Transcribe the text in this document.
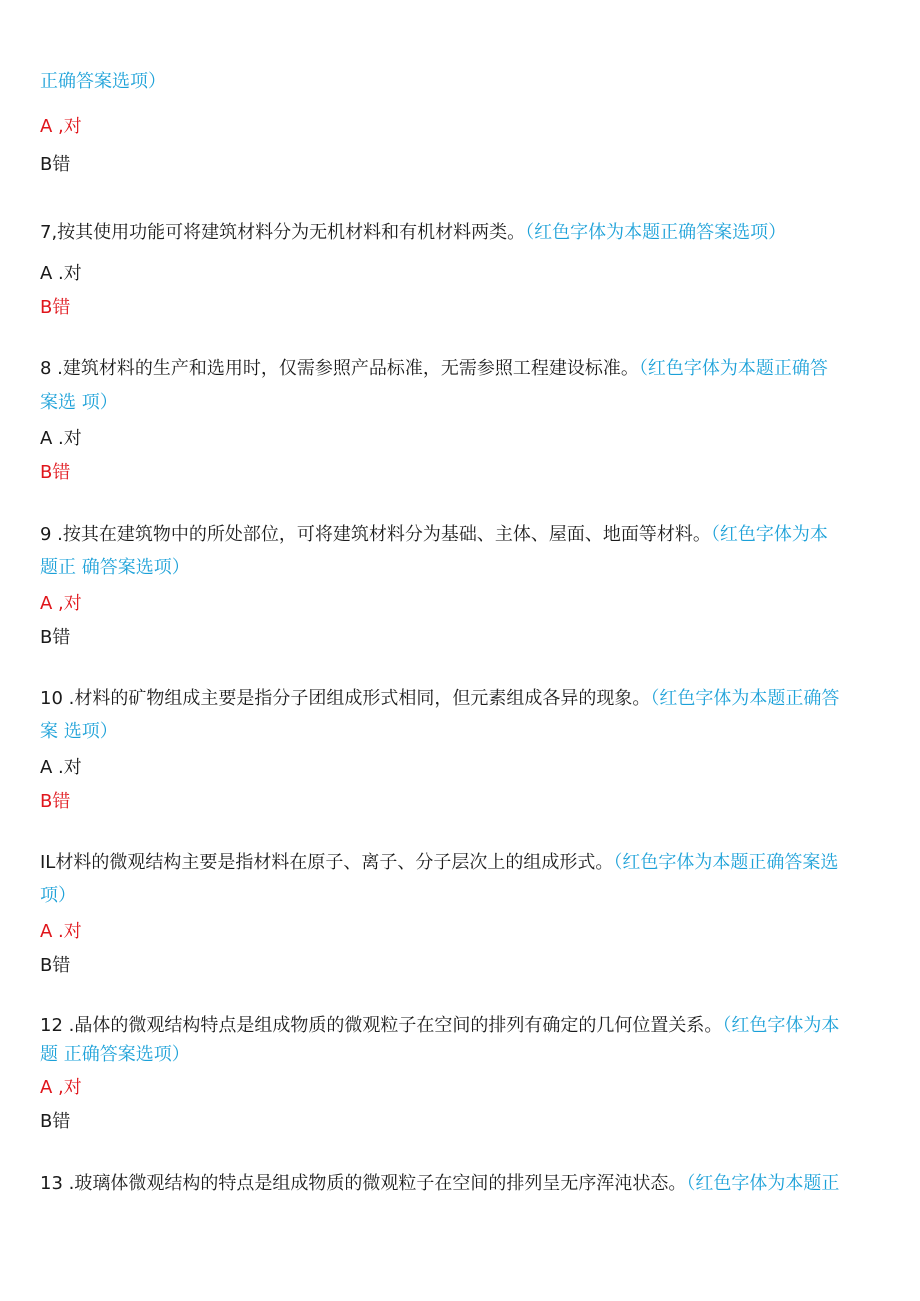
正确答案选项）
A ,对
B错
7,按其使用功能可将建筑材料分为无机材料和有机材料两类。（红色字体为本题正确答案选项）
A .对
B错
8 .建筑材料的生产和选用时，仅需参照产品标准，无需参照工程建设标准。（红色字体为本题正确答
案选 项）
A .对
B错
9 .按其在建筑物中的所处部位，可将建筑材料分为基础、主体、屋面、地面等材料。（红色字体为本
题正 确答案选项）
A ,对
B错
10 .材料的矿物组成主要是指分子团组成形式相同，但元素组成各异的现象。（红色字体为本题正确答
案 选项）
A .对
B错
IL材料的微观结构主要是指材料在原子、离子、分子层次上的组成形式。（红色字体为本题正确答案选
项）
A .对
B错
12 .晶体的微观结构特点是组成物质的微观粒子在空间的排列有确定的几何位置关系。（红色字体为本
题 正确答案选项）
A ,对
B错
13 .玻璃体微观结构的特点是组成物质的微观粒子在空间的排列呈无序浑沌状态。（红色字体为本题正
